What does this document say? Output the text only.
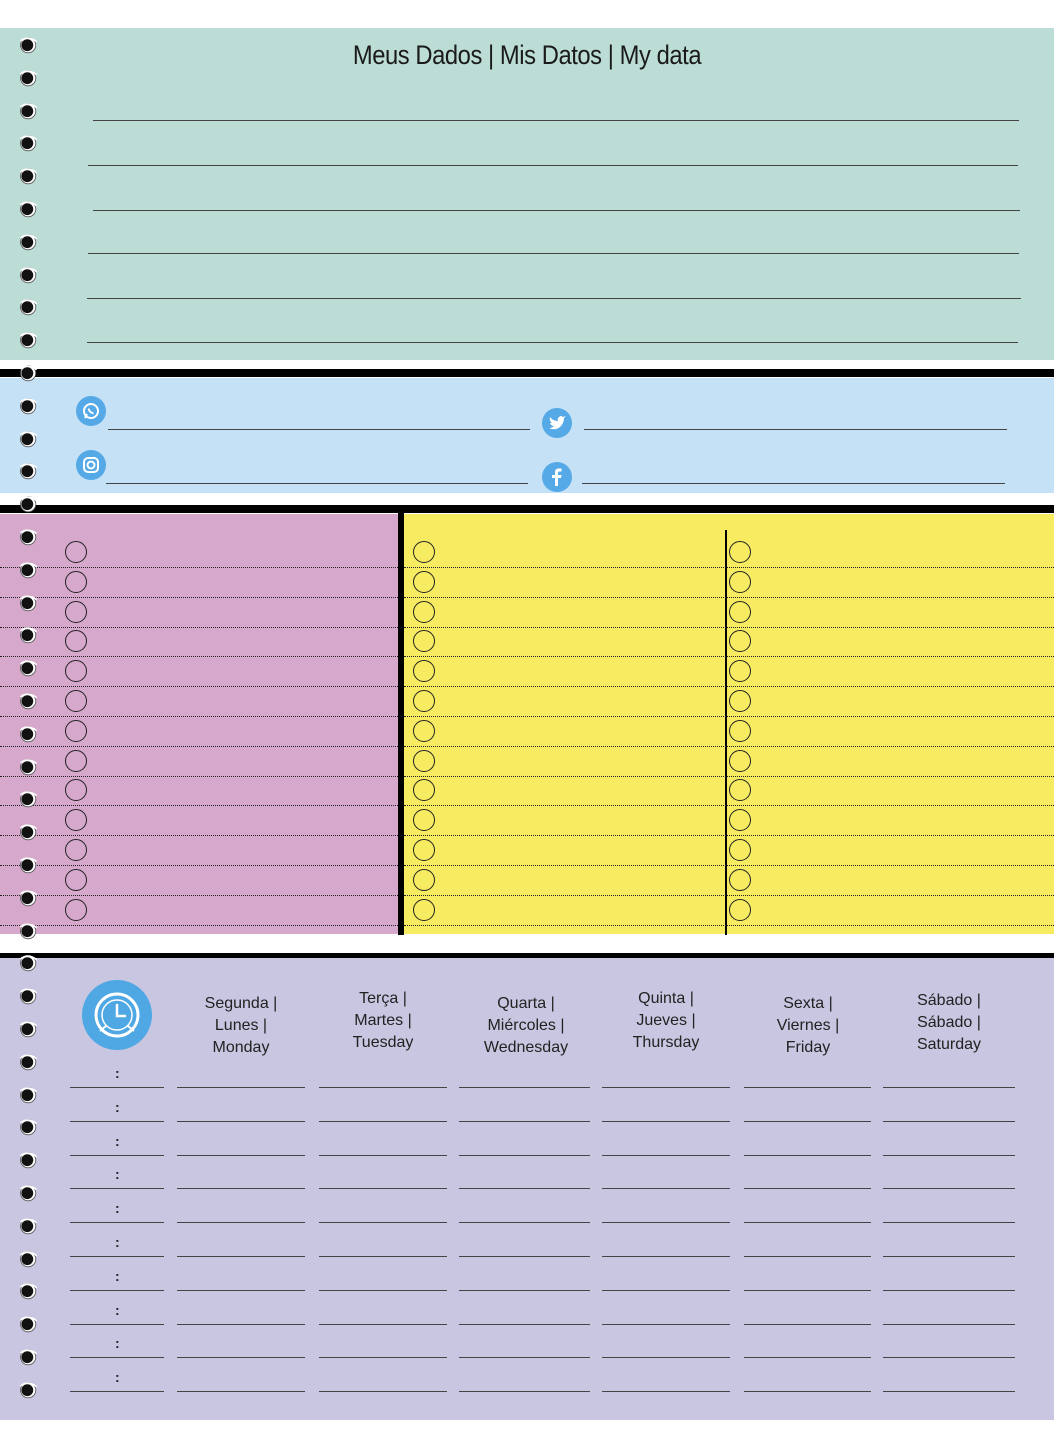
Meus Dados | Mis Datos | My data
Segunda |
Lunes |
Monday
Terça |
Martes |
Tuesday
Quarta |
Miércoles |
Wednesday
Quinta |
Jueves |
Thursday
Sexta |
Viernes |
Friday
Sábado |
Sábado |
Saturday
:
:
:
:
:
:
:
:
:
:
